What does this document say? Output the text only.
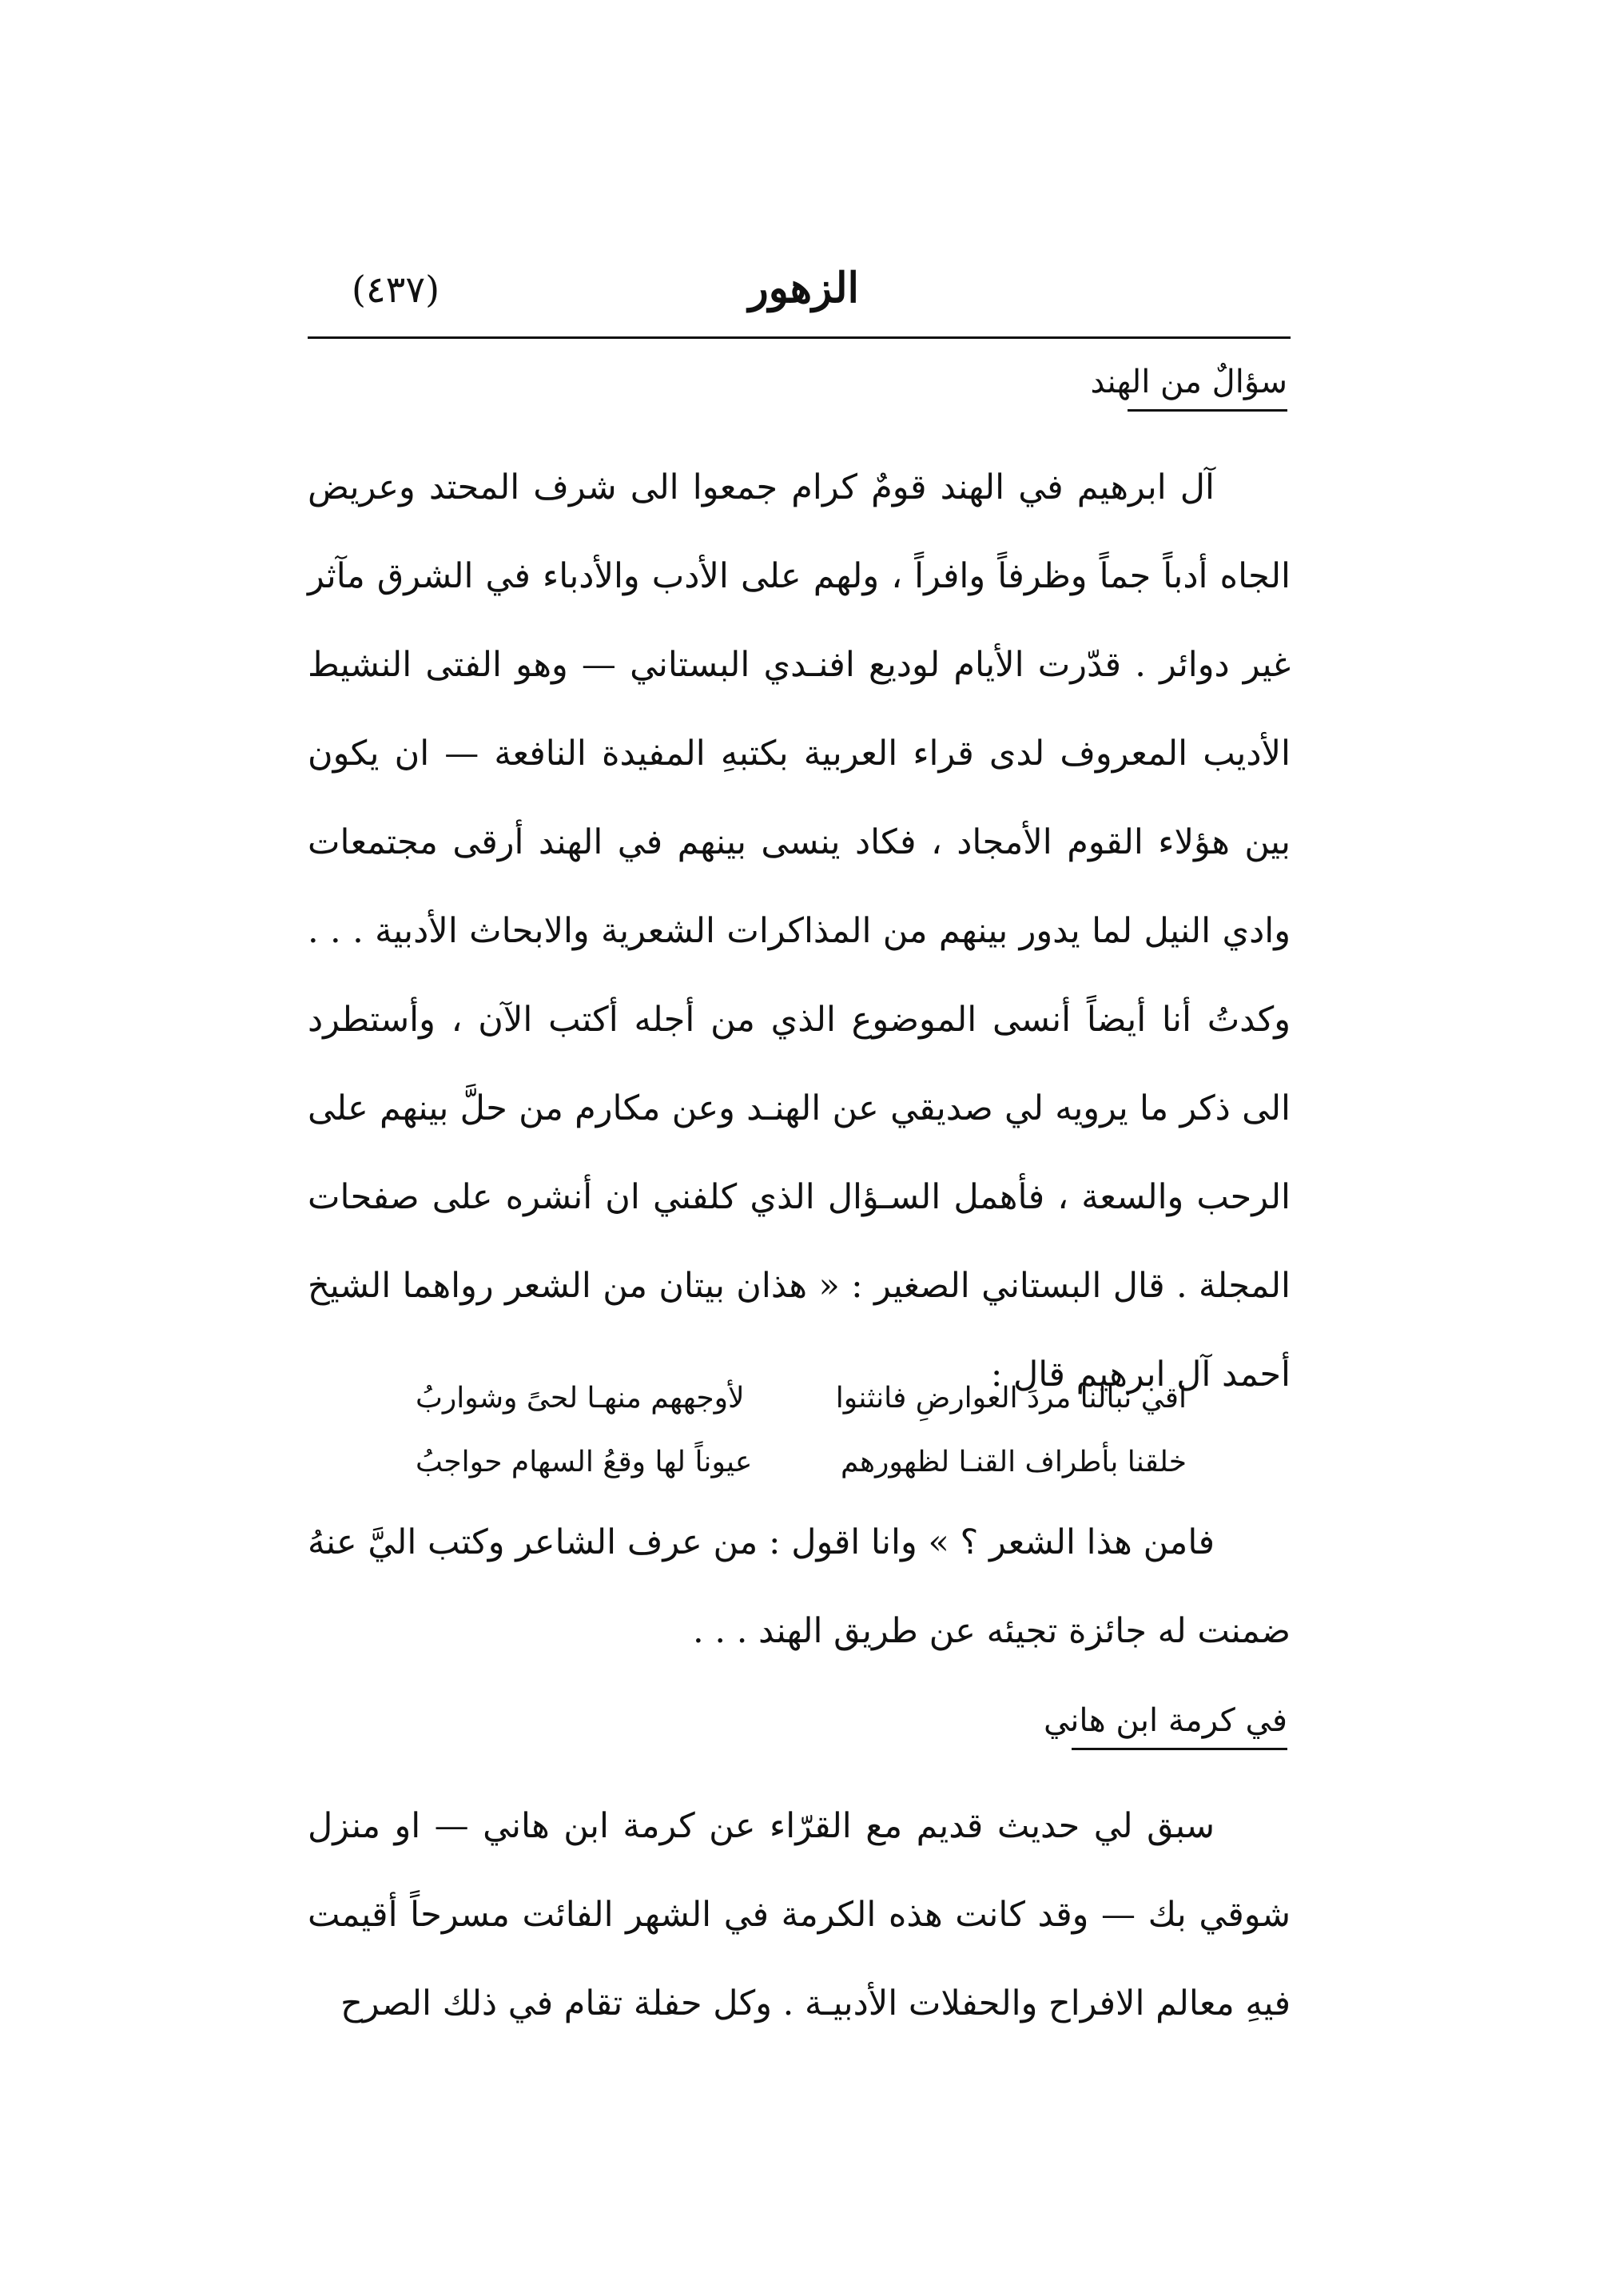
(٤٣٧)	الزهور
سؤالٌ من الهند

آل ابرهيم في الهند قومٌ كرام جمعوا الى شرف المحتد وعريض الجاه أدباً جماً وظرفاً وافراً ، ولهم على الأدب والأدباء في الشرق مآثر غير دوائر . قدّرت الأيام لوديع افنـدي البستاني — وهو الفتى النشيط الأديب المعروف لدى قراء العربية بكتبهِ المفيدة النافعة — ان يكون بين هؤلاء القوم الأمجاد ، فكاد ينسى بينهم في الهند أرقى مجتمعات وادي النيل لما يدور بينهم من المذاكرات الشعرية والابحاث الأدبية . . . وكدتُ أنا أيضاً أنسى الموضوع الذي من أجله أكتب الآن ، وأستطرد الى ذكر ما يرويه لي صديقي عن الهنـد وعن مكارم من حلَّ بينهم على الرحب والسعة ، فأهمل السـؤال الذي كلفني ان أنشره على صفحات المجلة . قال البستاني الصغير : « هذان بيتان من الشعر رواهما الشيخ أحمد آل ابرهيم قال :

اقي نبالنا مردَ العوارضِ فانثنوا
لأوجههم منهـا لحىً وشواربُ
خلقنا بأطراف القنـا لظهورهم
عيوناً لها وقعُ السهام حواجبُ

فامن هذا الشعر ؟ » وانا اقول : من عرف الشاعر وكتب اليَّ عنهُ ضمنت له جائزة تجيئه عن طريق الهند . . .

في كرمة ابن هاني

سبق لي حديث قديم مع القرّاء عن كرمة ابن هاني — او منزل شوقي بك — وقد كانت هذه الكرمة في الشهر الفائت مسرحاً أقيمت فيهِ معالم الافراح والحفلات الأدبيـة . وكل حفلة تقام في ذلك الصرح
